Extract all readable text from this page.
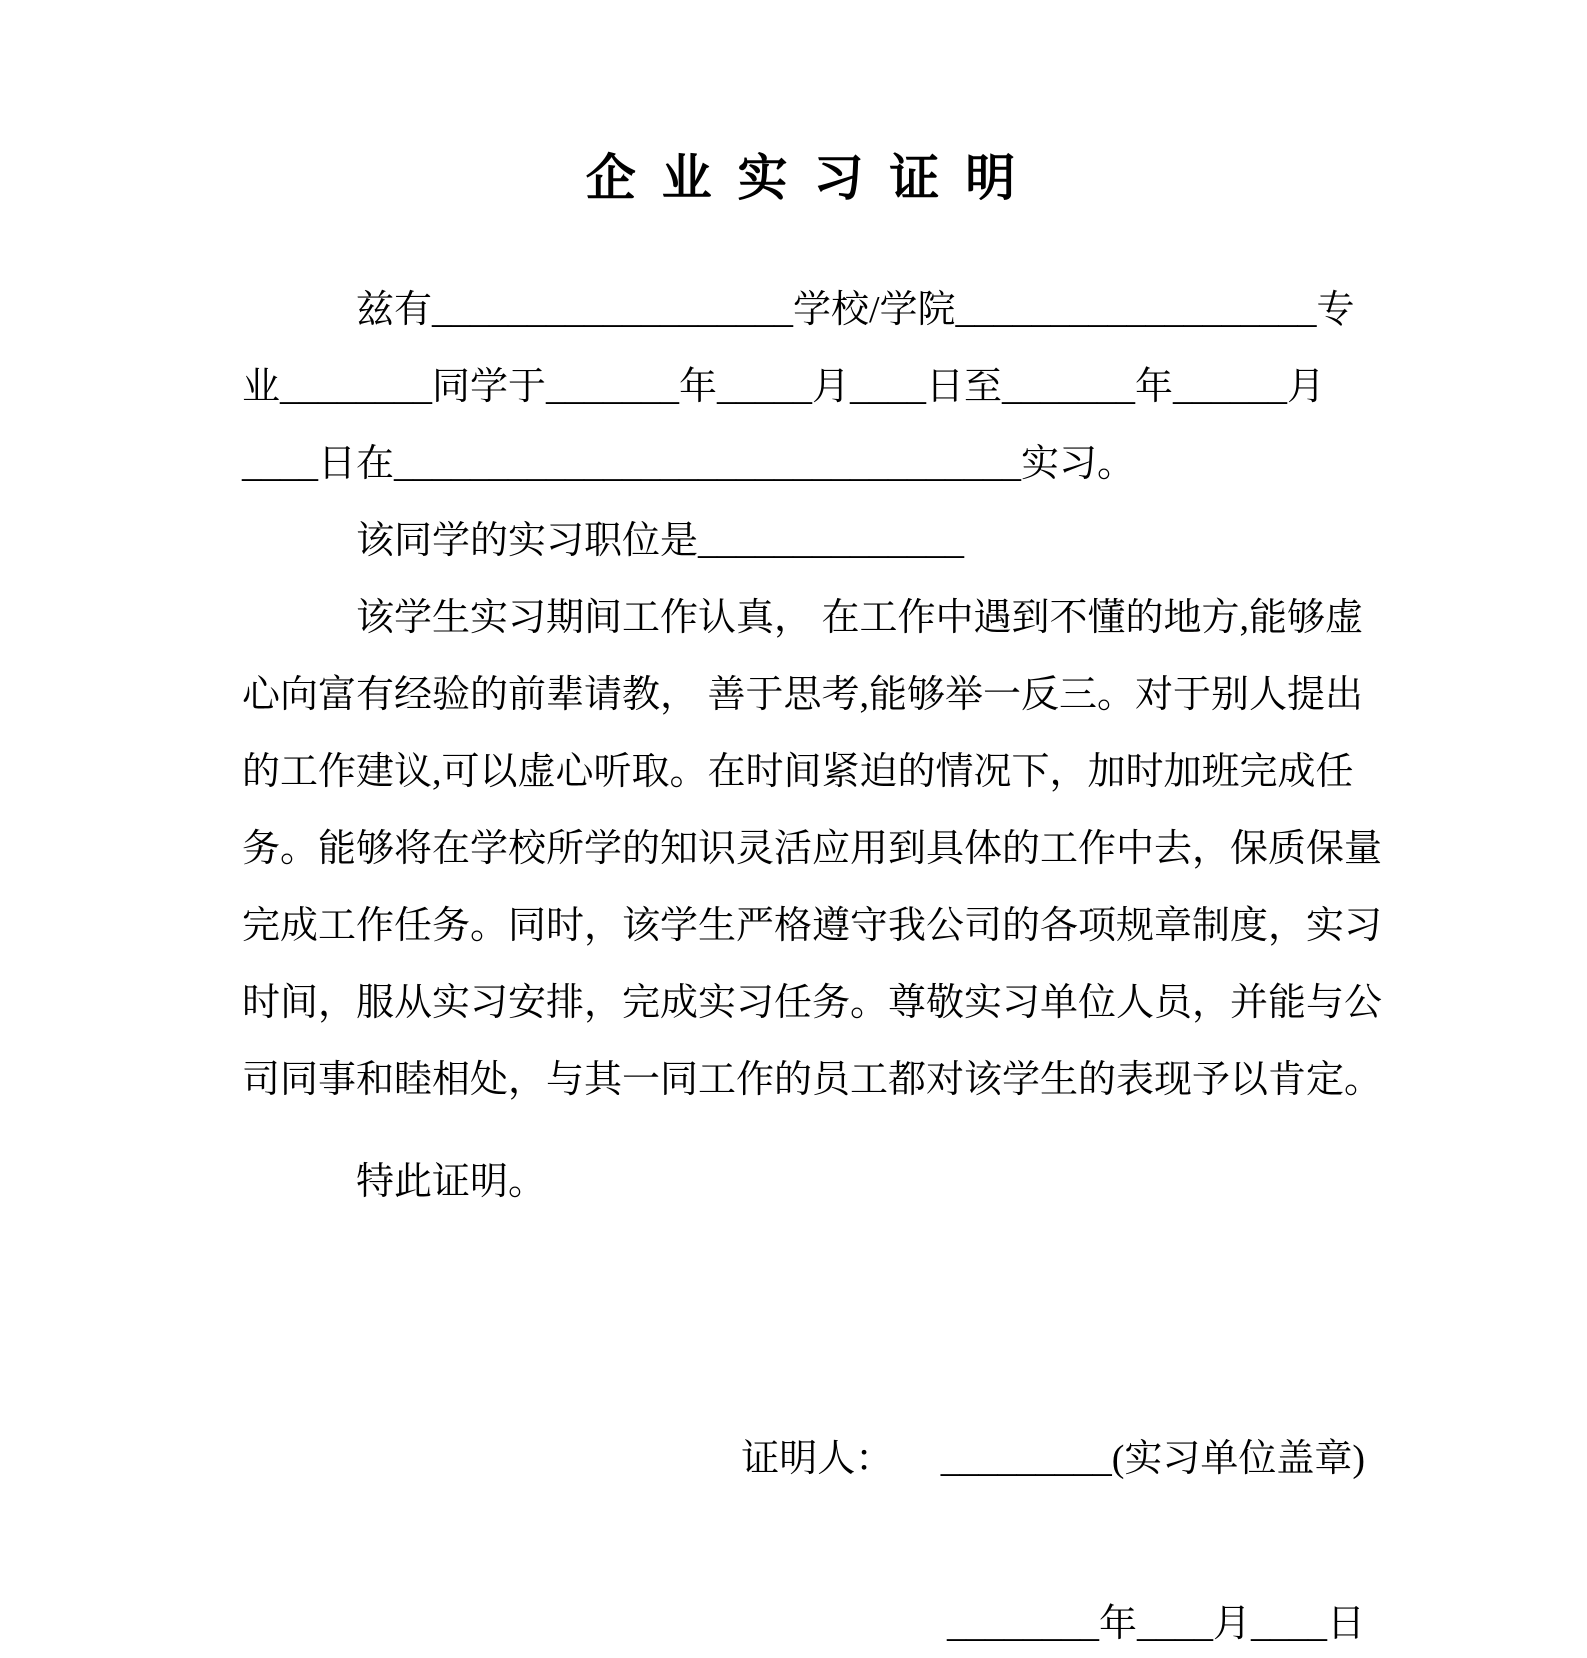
企 业 实 习 证 明
兹有___________________学校/学院___________________专
业________同学于_______年_____月____日至_______年______月
____日在_________________________________实习。
该同学的实习职位是______________
该学生实习期间工作认真， 在工作中遇到不懂的地方,能够虚
心向富有经验的前辈请教， 善于思考,能够举一反三。对于别人提出
的工作建议,可以虚心听取。在时间紧迫的情况下，加时加班完成任
务。能够将在学校所学的知识灵活应用到具体的工作中去，保质保量
完成工作任务。同时，该学生严格遵守我公司的各项规章制度，实习
时间，服从实习安排，完成实习任务。尊敬实习单位人员，并能与公
司同事和睦相处，与其一同工作的员工都对该学生的表现予以肯定。
特此证明。
证明人：     _________(实习单位盖章)
________年____月____日
